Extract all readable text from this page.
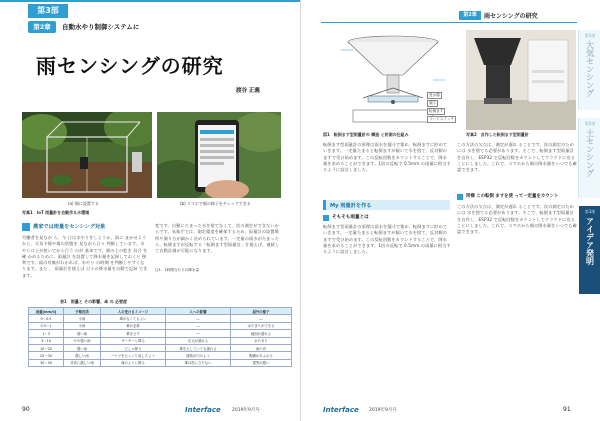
第3部
第2章	自動水やり制御システムに
雨センシングの研究
渡谷 正義
(a) 畑に設置する	(b) スマホで畑の様子をチェックできる
写真1　IoT 雨量計を自動作る水環境
農家では雨量をセンシング対象
労働者を見なが ら、今 日は水やりをしようか、雨に まかせようかと、天気予報や畑の状態を 見ながら日々 判断しています。水やりは土が乾いてから行う のが 基本です。畑の土の乾き 具合 を確 かめるために、雨量計 を設置して降水量を記録しておくと 便利です。雨の有無がわかれば、水やり の時期 を判断しやすくなります。また 、 雨量計を使えば 日々の降水量を自動で記録 できます。
変です。自動にたまった水を捨てなくて、次の測定ができないからです。気象庁では、測定精度を確保するため、雨量計の設置場所や測り方が細かく決められています。一定量の雨水がたまったら、転倒ますが反転する「転倒ます型雨量計」を使えば、連続して自動計測が可能になります。
注1：1時間当たりの降水量
表1　雨量と その影響、傘 の 必要度
雨量[mm/h]	予報用語	人の受けるイメージ	人への影響	屋外の様子
0〜0.5	小雨	傘がなくてもよい	―	―
0.5〜1	小雨	傘が必要	―	水たまりができる
1〜3	弱い雨	傘をさす	―	地面が濡れる
3〜10	やや強い雨	ザーザーと降る	足元が濡れる	水たまり
10〜20	強い雨	どしゃ降り	傘をさしていても濡れる	雨の音
20〜30	激しい雨	バケツをひっくり返したよう	道路が川のよう	側溝があふれる
30〜50	非常に激しい雨	滝のように降る	傘は役に立たない	視界が悪い
90	Interface 2019年9月号
第2章	雨センシングの研究
受水器
漏斗
転倒ます
リードスイッチ
図1　転倒ます型雨量計の 構造 と計測の仕組み	写真2　自作した転倒ます型雨量計
転倒ます型雨量計の原理は雨水を漏斗で集め、転倒ますに貯めていきます。一定量たまると転倒ますが傾いて水を捨て、反対側のますで受け始めます。この反転回数をカウントすることで、降水量を求めることができます。1回の反転で 0.5mm の雨量に相当するように設計しました。
My 雨量計を作る
そもそも雨量とは
転倒ます型雨量計の原理は雨水を漏斗で集め、転倒ますに貯めていきます。一定量たまると転倒ますが傾いて水を捨て、反対側のますで受け始めます。この反転回数をカウントすることで、降水量を求めることができます。1回の反転で 0.5mm の雨量に相当するように設計しました。
この方法の欠点は、測定が遅れ ることです。次の測定のためには 水を捨てる必要があります。そこで、転倒ます型雨量計を自作し、ESP32 で反転回数をカウントしてクラウドに送る ことにしました。これで、スマホから畑の降水量をいつでも確認できます。
同様 この転倒 ますを使 って一定量をカウント
この方法の欠点は、測定が遅れ ることです。次の測定のためには 水を捨てる必要があります。そこで、転倒ます型雨量計を自作し、ESP32 で反転回数をカウントしてクラウドに送る ことにしました。これで、スマホから畑の降水量をいつでも確認できます。
第1部
大気センシング
第2部
土センシング
第3部
アイデア発明
Interface 2019年9月号	91
